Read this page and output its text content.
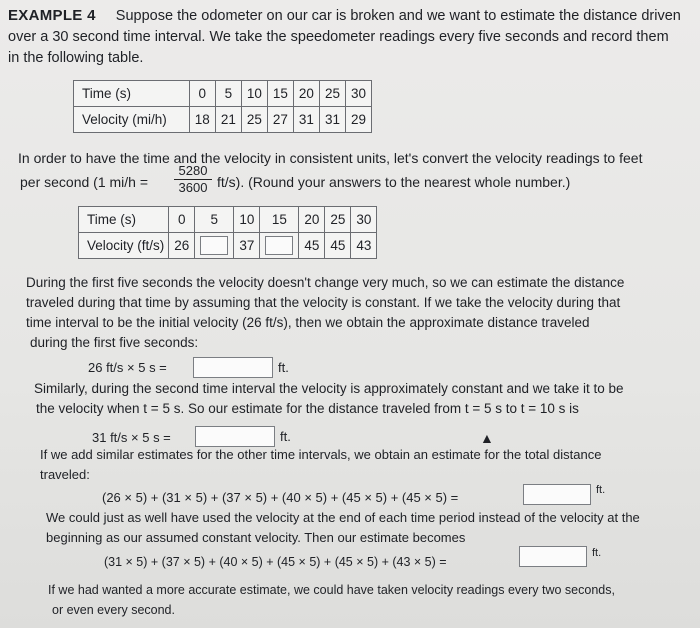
EXAMPLE 4 Suppose the odometer on our car is broken and we want to estimate the distance driven
over a 30 second time interval. We take the speedometer readings every five seconds and record them
in the following table.
Time (s)	0	5	10	15	20	25	30
Velocity (mi/h)	18	21	25	27	31	31	29
In order to have the time and the velocity in consistent units, let's convert the velocity readings to feet
per second (1 mi/h =
5280
3600 ft/s). (Round your answers to the nearest whole number.)
Time (s)	0	5	10	15	20	25	30
Velocity (ft/s)	26		37		45	45	43
During the first five seconds the velocity doesn't change very much, so we can estimate the distance
traveled during that time by assuming that the velocity is constant. If we take the velocity during that
time interval to be the initial velocity (26 ft/s), then we obtain the approximate distance traveled
during the first five seconds:
26 ft/s × 5 s =	ft.
Similarly, during the second time interval the velocity is approximately constant and we take it to be
the velocity when t = 5 s. So our estimate for the distance traveled from t = 5 s to t = 10 s is
31 ft/s × 5 s =	ft.	▲
If we add similar estimates for the other time intervals, we obtain an estimate for the total distance
traveled:
(26 × 5) + (31 × 5) + (37 × 5) + (40 × 5) + (45 × 5) + (45 × 5) =	ft.
We could just as well have used the velocity at the end of each time period instead of the velocity at the
beginning as our assumed constant velocity. Then our estimate becomes
(31 × 5) + (37 × 5) + (40 × 5) + (45 × 5) + (45 × 5) + (43 × 5) =
ft.
If we had wanted a more accurate estimate, we could have taken velocity readings every two seconds,
or even every second.
